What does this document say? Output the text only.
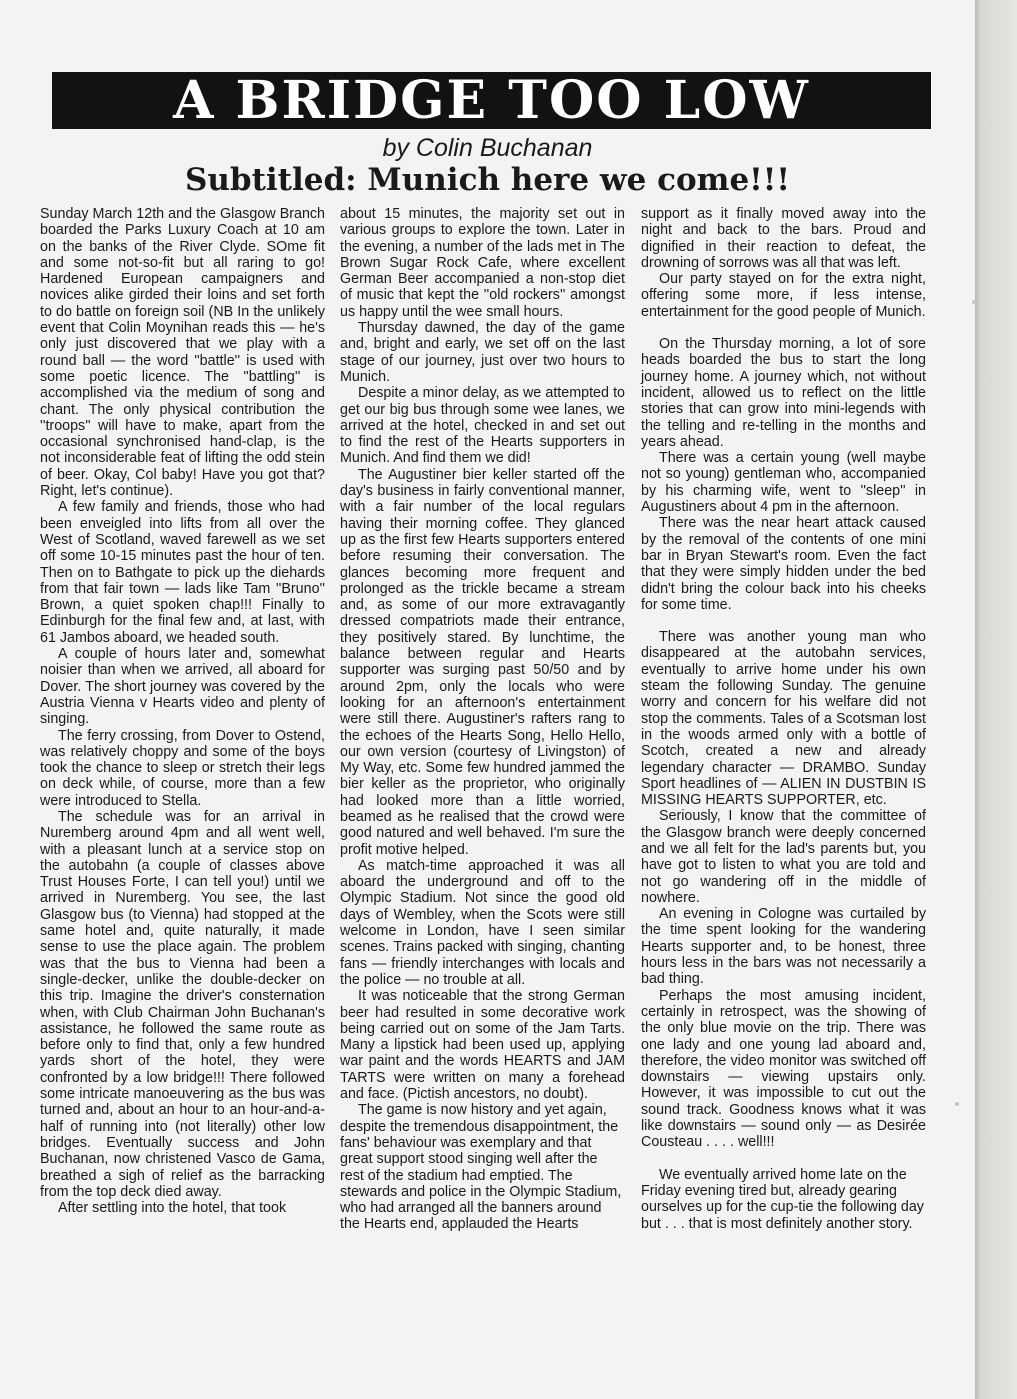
A BRIDGE TOO LOW
by Colin Buchanan
Subtitled: Munich here we come!!!

Sunday March 12th and the Glasgow Branch boarded the Parks Luxury Coach at 10 am on the banks of the River Clyde. SOme fit and some not-so-fit but all raring to go! Hardened European campaigners and novices alike girded their loins and set forth to do battle on foreign soil (NB In the unlikely event that Colin Moynihan reads this — he's only just discovered that we play with a round ball — the word ''battle'' is used with some poetic licence. The ''battling'' is accomplished via the medium of song and chant. The only physical contribution the ''troops'' will have to make, apart from the occasional synchronised hand-clap, is the not inconsiderable feat of lifting the odd stein of beer. Okay, Col baby! Have you got that? Right, let's continue).

A few family and friends, those who had been enveigled into lifts from all over the West of Scotland, waved farewell as we set off some 10-15 minutes past the hour of ten. Then on to Bathgate to pick up the diehards from that fair town — lads like Tam ''Bruno'' Brown, a quiet spoken chap!!! Finally to Edinburgh for the final few and, at last, with 61 Jambos aboard, we headed south.

A couple of hours later and, somewhat noisier than when we arrived, all aboard for Dover. The short journey was covered by the Austria Vienna v Hearts video and plenty of singing.

The ferry crossing, from Dover to Ostend, was relatively choppy and some of the boys took the chance to sleep or stretch their legs on deck while, of course, more than a few were introduced to Stella.

The schedule was for an arrival in Nuremberg around 4pm and all went well, with a pleasant lunch at a service stop on the autobahn (a couple of classes above Trust Houses Forte, I can tell you!) until we arrived in Nuremberg. You see, the last Glasgow bus (to Vienna) had stopped at the same hotel and, quite naturally, it made sense to use the place again. The problem was that the bus to Vienna had been a single-decker, unlike the double-decker on this trip. Imagine the driver's consternation when, with Club Chairman John Buchanan's assistance, he followed the same route as before only to find that, only a few hundred yards short of the hotel, they were confronted by a low bridge!!! There followed some intricate manoeuvering as the bus was turned and, about an hour to an hour-and-a-half of running into (not literally) other low bridges. Eventually success and John Buchanan, now christened Vasco de Gama, breathed a sigh of relief as the barracking from the top deck died away.

After settling into the hotel, that took

about 15 minutes, the majority set out in various groups to explore the town. Later in the evening, a number of the lads met in The Brown Sugar Rock Cafe, where excellent German Beer accompanied a non-stop diet of music that kept the ''old rockers'' amongst us happy until the wee small hours.

Thursday dawned, the day of the game and, bright and early, we set off on the last stage of our journey, just over two hours to Munich.

Despite a minor delay, as we attempted to get our big bus through some wee lanes, we arrived at the hotel, checked in and set out to find the rest of the Hearts supporters in Munich. And find them we did!

The Augustiner bier keller started off the day's business in fairly conventional manner, with a fair number of the local regulars having their morning coffee. They glanced up as the first few Hearts supporters entered before resuming their conversation. The glances becoming more frequent and prolonged as the trickle became a stream and, as some of our more extravagantly dressed compatriots made their entrance, they positively stared. By lunchtime, the balance between regular and Hearts supporter was surging past 50/50 and by around 2pm, only the locals who were looking for an afternoon's entertainment were still there. Augustiner's rafters rang to the echoes of the Hearts Song, Hello Hello, our own version (courtesy of Livingston) of My Way, etc. Some few hundred jammed the bier keller as the proprietor, who originally had looked more than a little worried, beamed as he realised that the crowd were good natured and well behaved. I'm sure the profit motive helped.

As match-time approached it was all aboard the underground and off to the Olympic Stadium. Not since the good old days of Wembley, when the Scots were still welcome in London, have I seen similar scenes. Trains packed with singing, chanting fans — friendly interchanges with locals and the police — no trouble at all.

It was noticeable that the strong German beer had resulted in some decorative work being carried out on some of the Jam Tarts. Many a lipstick had been used up, applying war paint and the words HEARTS and JAM TARTS were written on many a forehead and face. (Pictish ancestors, no doubt).

The game is now history and yet again, despite the tremendous disappointment, the fans' behaviour was exemplary and that great support stood singing well after the rest of the stadium had emptied. The stewards and police in the Olympic Stadium, who had arranged all the banners around the Hearts end, applauded the Hearts

support as it finally moved away into the night and back to the bars. Proud and dignified in their reaction to defeat, the drowning of sorrows was all that was left.

Our party stayed on for the extra night, offering some more, if less intense, entertainment for the good people of Munich.

On the Thursday morning, a lot of sore heads boarded the bus to start the long journey home. A journey which, not without incident, allowed us to reflect on the little stories that can grow into mini-legends with the telling and re-telling in the months and years ahead.

There was a certain young (well maybe not so young) gentleman who, accompanied by his charming wife, went to ''sleep'' in Augustiners about 4 pm in the afternoon.

There was the near heart attack caused by the removal of the contents of one mini bar in Bryan Stewart's room. Even the fact that they were simply hidden under the bed didn't bring the colour back into his cheeks for some time.

There was another young man who disappeared at the autobahn services, eventually to arrive home under his own steam the following Sunday. The genuine worry and concern for his welfare did not stop the comments. Tales of a Scotsman lost in the woods armed only with a bottle of Scotch, created a new and already legendary character — DRAMBO. Sunday Sport headlines of — ALIEN IN DUSTBIN IS MISSING HEARTS SUPPORTER, etc.

Seriously, I know that the committee of the Glasgow branch were deeply concerned and we all felt for the lad's parents but, you have got to listen to what you are told and not go wandering off in the middle of nowhere.

An evening in Cologne was curtailed by the time spent looking for the wandering Hearts supporter and, to be honest, three hours less in the bars was not necessarily a bad thing.

Perhaps the most amusing incident, certainly in retrospect, was the showing of the only blue movie on the trip. There was one lady and one young lad aboard and, therefore, the video monitor was switched off downstairs — viewing upstairs only. However, it was impossible to cut out the sound track. Goodness knows what it was like downstairs — sound only — as Desirée Cousteau . . . . well!!!

We eventually arrived home late on the Friday evening tired but, already gearing ourselves up for the cup-tie the following day but . . . that is most definitely another story.
